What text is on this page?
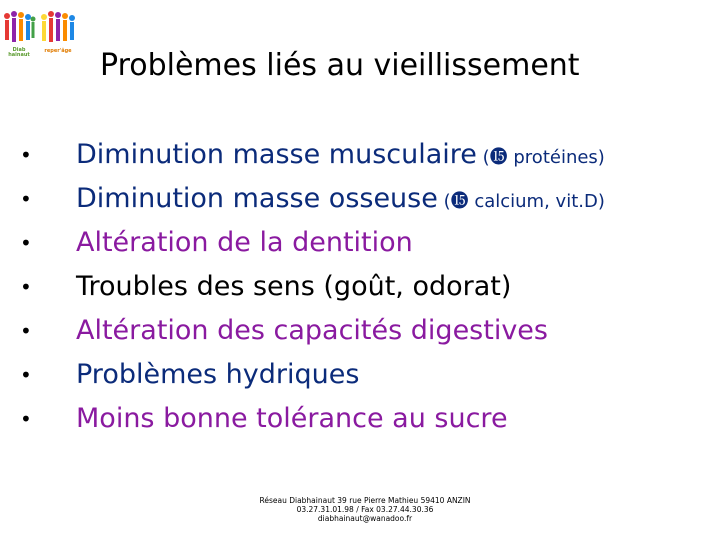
Diab
hainaut
reper'âge Problèmes liés au vieillissement
• Diminution masse musculaire (⓯ protéines)
• Diminution masse osseuse (⓯ calcium, vit.D)
• Altération de la dentition
• Troubles des sens (goût, odorat)
• Altération des capacités digestives
• Problèmes hydriques
• Moins bonne tolérance au sucre
Réseau Diabhainaut 39 rue Pierre Mathieu 59410 ANZIN
03.27.31.01.98 / Fax 03.27.44.30.36
diabhainaut@wanadoo.fr
